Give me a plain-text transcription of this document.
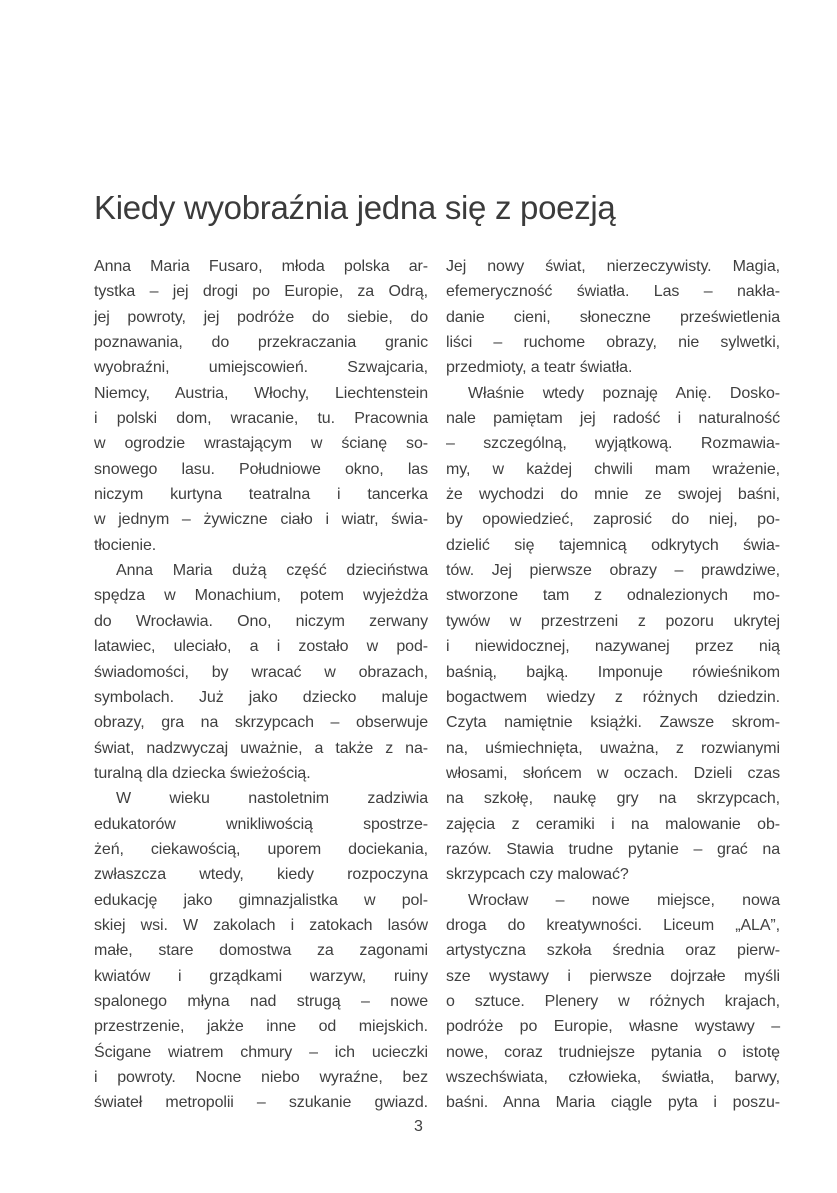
Kiedy wyobraźnia jedna się z poezją
Anna Maria Fusaro, młoda polska ar-
tystka – jej drogi po Europie, za Odrą,
jej powroty, jej podróże do siebie, do
poznawania, do przekraczania granic
wyobraźni, umiejscowień. Szwajcaria,
Niemcy, Austria, Włochy, Liechtenstein
i polski dom, wracanie, tu. Pracownia
w ogrodzie wrastającym w ścianę so-
snowego lasu. Południowe okno, las
niczym kurtyna teatralna i tancerka
w jednym – żywiczne ciało i wiatr, świa-
tłocienie.
Anna Maria dużą część dzieciństwa
spędza w Monachium, potem wyjeżdża
do Wrocławia. Ono, niczym zerwany
latawiec, uleciało, a i zostało w pod-
świadomości, by wracać w obrazach,
symbolach. Już jako dziecko maluje
obrazy, gra na skrzypcach – obserwuje
świat, nadzwyczaj uważnie, a także z na-
turalną dla dziecka świeżością.
W wieku nastoletnim zadziwia
edukatorów wnikliwością spostrze-
żeń, ciekawością, uporem dociekania,
zwłaszcza wtedy, kiedy rozpoczyna
edukację jako gimnazjalistka w pol-
skiej wsi. W zakolach i zatokach lasów
małe, stare domostwa za zagonami
kwiatów i grządkami warzyw, ruiny
spalonego młyna nad strugą – nowe
przestrzenie, jakże inne od miejskich.
Ścigane wiatrem chmury – ich ucieczki
i powroty. Nocne niebo wyraźne, bez
świateł metropolii – szukanie gwiazd.
Jej nowy świat, nierzeczywisty. Magia,
efemeryczność światła. Las – nakła-
danie cieni, słoneczne prześwietlenia
liści – ruchome obrazy, nie sylwetki,
przedmioty, a teatr światła.
Właśnie wtedy poznaję Anię. Dosko-
nale pamiętam jej radość i naturalność
– szczególną, wyjątkową. Rozmawia-
my, w każdej chwili mam wrażenie,
że wychodzi do mnie ze swojej baśni,
by opowiedzieć, zaprosić do niej, po-
dzielić się tajemnicą odkrytych świa-
tów. Jej pierwsze obrazy – prawdziwe,
stworzone tam z odnalezionych mo-
tywów w przestrzeni z pozoru ukrytej
i niewidocznej, nazywanej przez nią
baśnią, bajką. Imponuje rówieśnikom
bogactwem wiedzy z różnych dziedzin.
Czyta namiętnie książki. Zawsze skrom-
na, uśmiechnięta, uważna, z rozwianymi
włosami, słońcem w oczach. Dzieli czas
na szkołę, naukę gry na skrzypcach,
zajęcia z ceramiki i na malowanie ob-
razów. Stawia trudne pytanie – grać na
skrzypcach czy malować?
Wrocław – nowe miejsce, nowa
droga do kreatywności. Liceum „ALA”,
artystyczna szkoła średnia oraz pierw-
sze wystawy i pierwsze dojrzałe myśli
o sztuce. Plenery w różnych krajach,
podróże po Europie, własne wystawy –
nowe, coraz trudniejsze pytania o istotę
wszechświata, człowieka, światła, barwy,
baśni. Anna Maria ciągle pyta i poszu-
3
